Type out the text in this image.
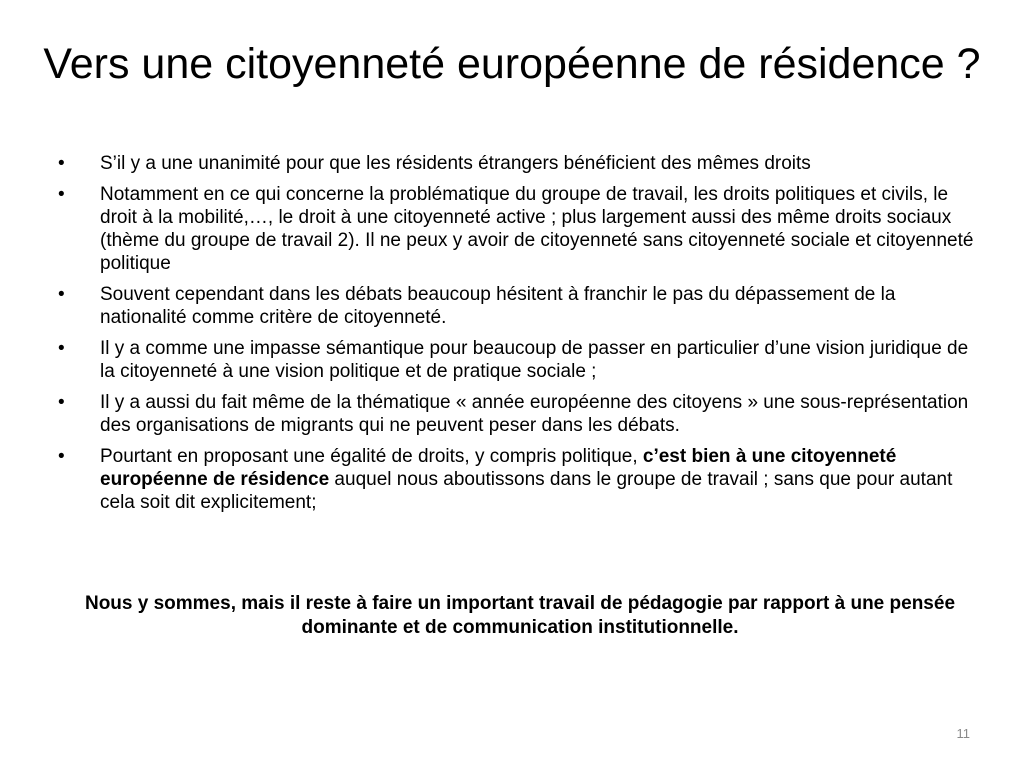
Vers une citoyenneté européenne de résidence ?
•	S’il y a une unanimité pour que les résidents étrangers bénéficient des mêmes droits
•	Notamment en ce qui concerne la problématique du groupe de travail, les droits politiques et civils, le droit à la mobilité,…, le droit à une citoyenneté active ; plus largement aussi des même droits sociaux (thème du groupe de travail 2). Il ne peux y avoir de citoyenneté sans citoyenneté sociale et citoyenneté politique
•	Souvent cependant dans les débats beaucoup hésitent à franchir le pas du dépassement de la nationalité comme critère de citoyenneté.
•	Il y a comme une impasse sémantique pour beaucoup de passer en particulier d’une vision juridique de la citoyenneté à une vision politique et de pratique sociale ;
•	Il y a aussi du fait même de la thématique « année européenne des citoyens » une sous-représentation des organisations de migrants qui ne peuvent peser dans les débats.
•	Pourtant en proposant une égalité de droits, y compris politique, c’est bien à une citoyenneté européenne de résidence auquel nous aboutissons dans le groupe de travail ; sans que pour autant cela soit dit explicitement;

Nous y sommes, mais il reste à faire un important travail de pédagogie par rapport à une pensée dominante et de communication institutionnelle.

11
